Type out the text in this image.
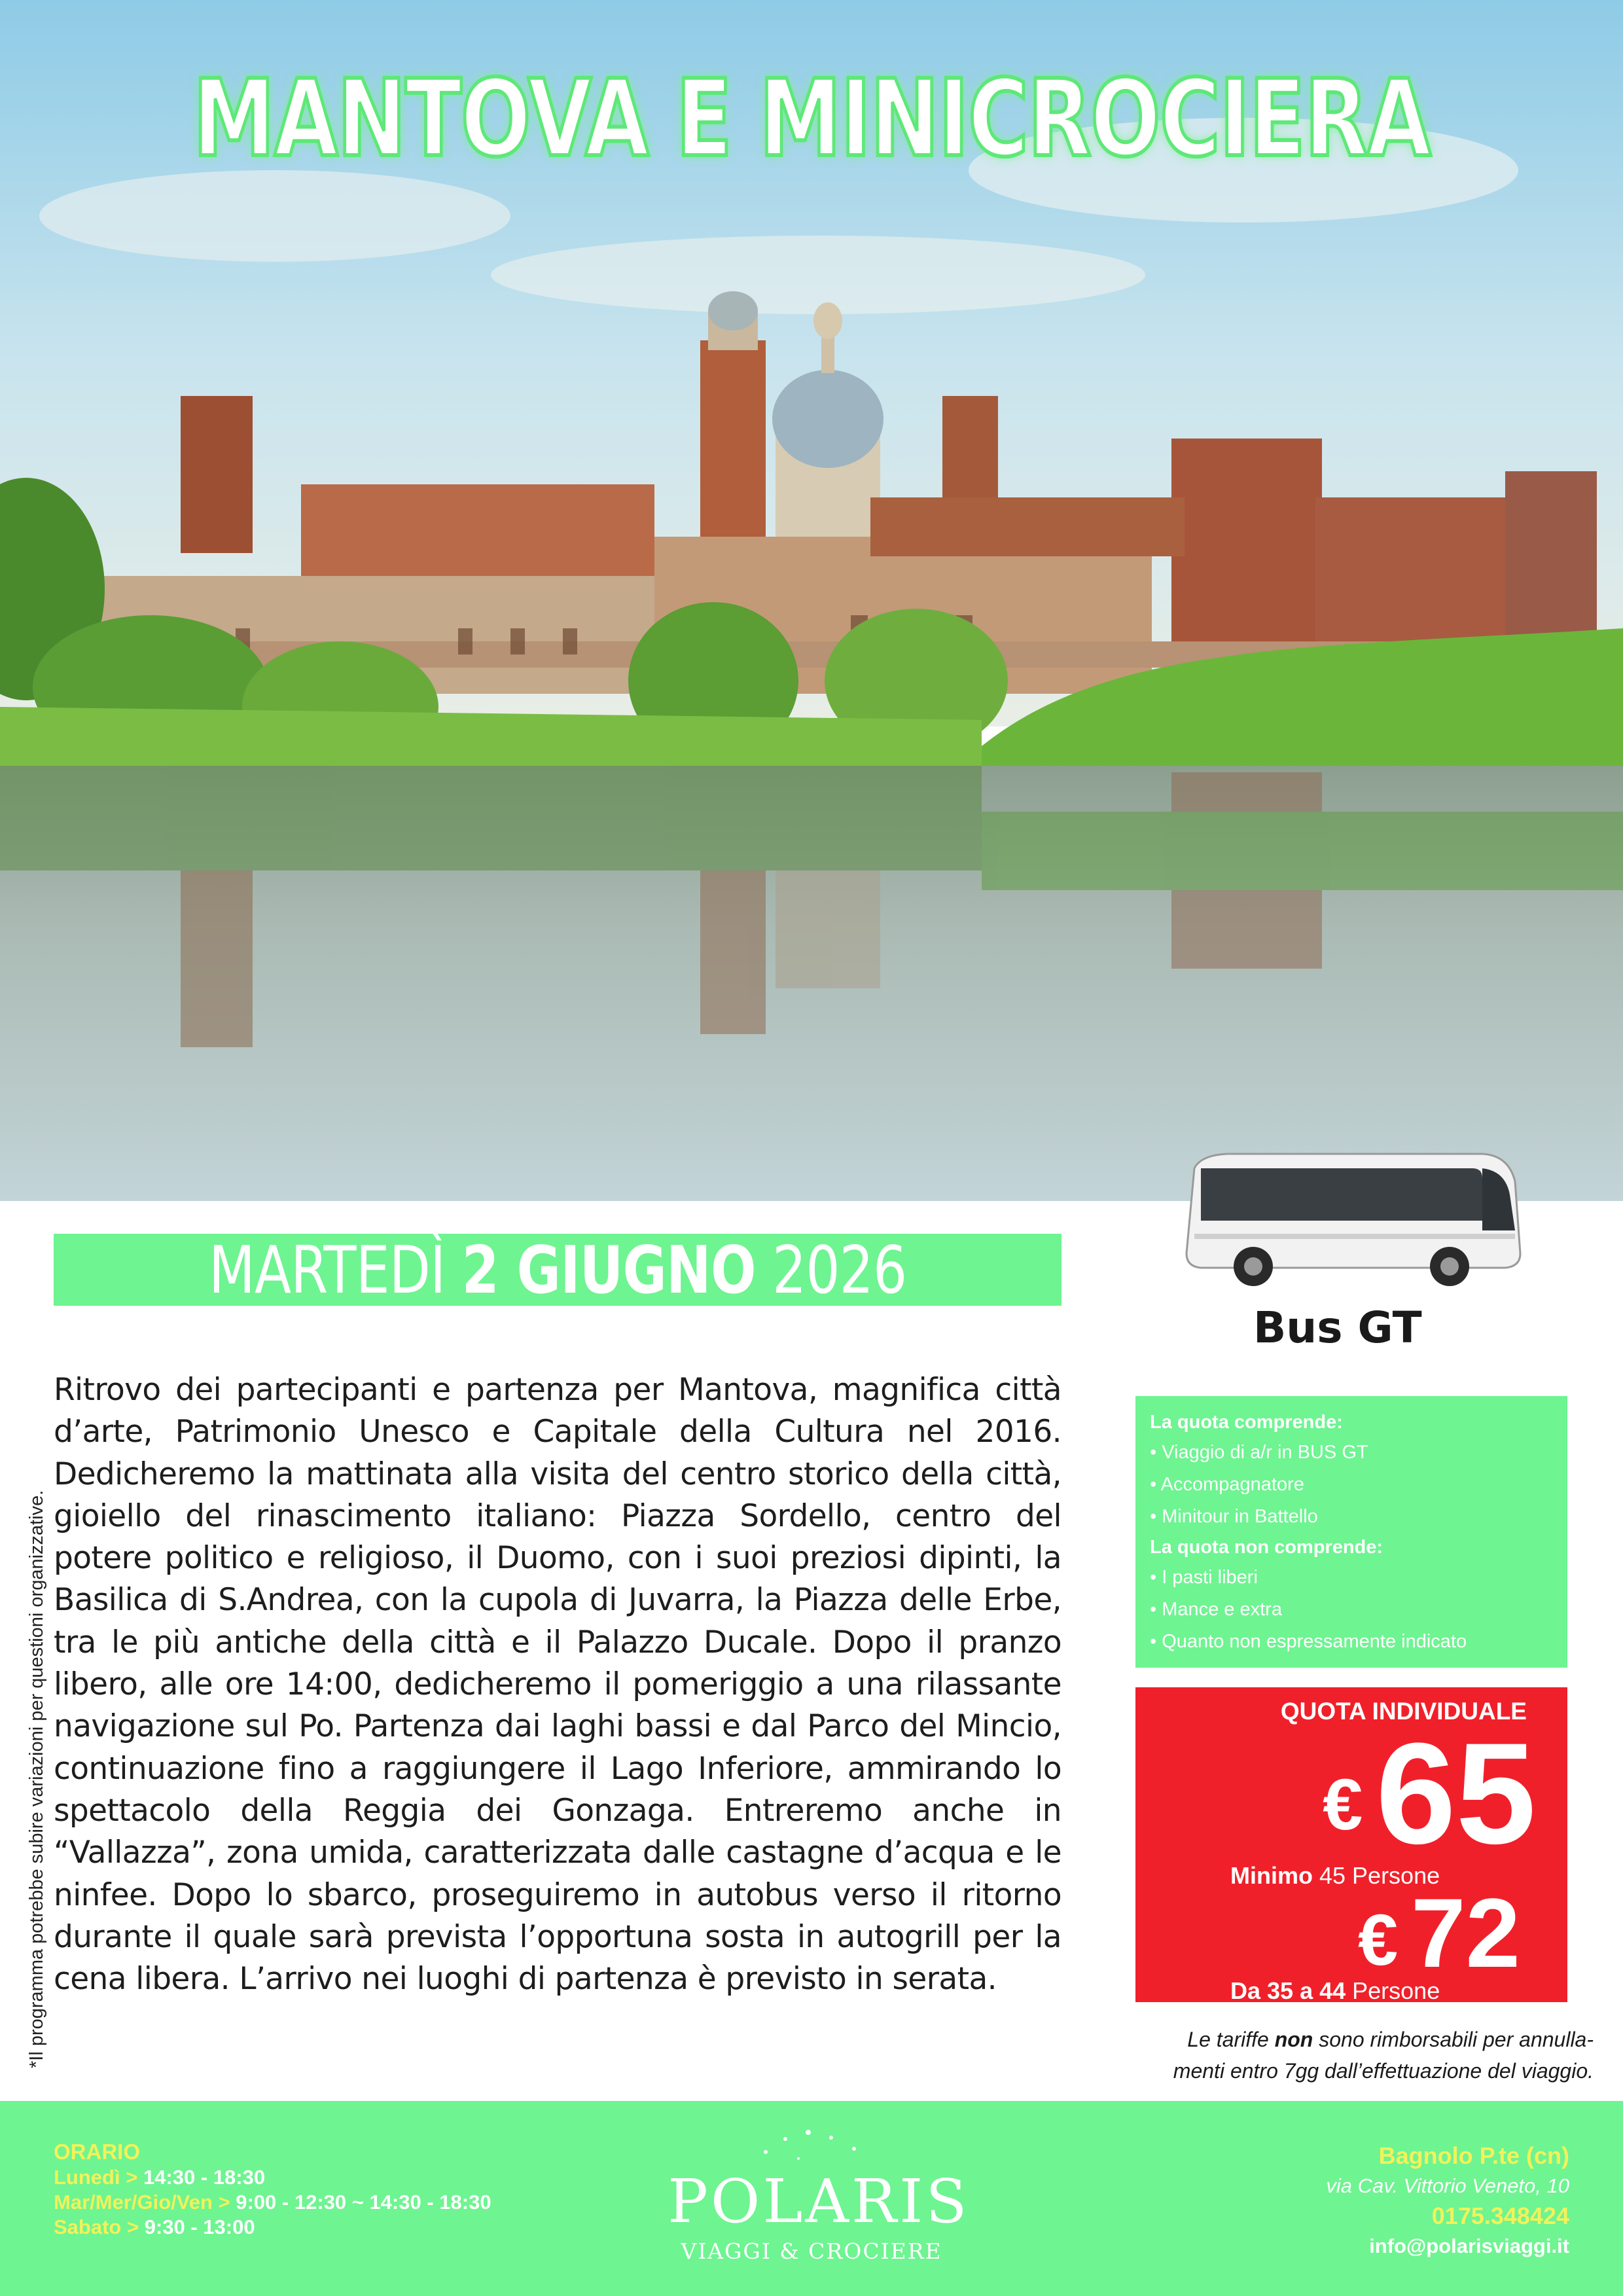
MANTOVA E MINICROCIERA
MARTEDÌ 2 GIUGNO 2026
*Il programma potrebbe subire variazioni per questioni organizzative.
Ritrovo dei partecipanti e partenza per Mantova, magnifica città d’arte, Patrimonio Unesco e Capitale della Cultura nel 2016. Dedicheremo la mattinata alla visita del centro storico della città, gioiello del rinascimento italiano: Piazza Sordello, centro del potere politico e religioso, il Duomo, con i suoi preziosi dipinti, la Basilica di S.Andrea, con la cupola di Juvarra, la Piazza delle Erbe, tra le più antiche della città e il Palazzo Ducale. Dopo il pranzo libero, alle ore 14:00, dedicheremo il pomeriggio a una rilassante navigazione sul Po. Partenza dai laghi bassi e dal Parco del Mincio, continuazione fino a raggiungere il Lago Inferiore, ammirando lo spettacolo della Reggia dei Gonzaga. Entreremo anche in “Vallazza”, zona umida, caratterizzata dalle castagne d’acqua e le ninfee. Dopo lo sbarco, proseguiremo in autobus verso il ritorno durante il quale sarà prevista l’opportuna sosta in autogrill per la cena libera. L’arrivo nei luoghi di partenza è previsto in serata.
Bus GT
La quota comprende:
• Viaggio di a/r in BUS GT
• Accompagnatore
• Minitour in Battello
La quota non comprende:
• I pasti liberi
• Mance e extra
• Quanto non espressamente indicato
QUOTA INDIVIDUALE
€65
Minimo 45 Persone
€ 72
Da 35 a 44 Persone
Le tariffe non sono rimborsabili per annulla-
menti entro 7gg dall’effettuazione del viaggio.
ORARIO
Lunedì > 14:30 - 18:30
Mar/Mer/Gio/Ven > 9:00 - 12:30 ~ 14:30 - 18:30
Sabato > 9:30 - 13:00	POLARIS
VIAGGI & CROCIERE
Bagnolo P.te (cn)
via Cav. Vittorio Veneto, 10
0175.348424
info@polarisviaggi.it
